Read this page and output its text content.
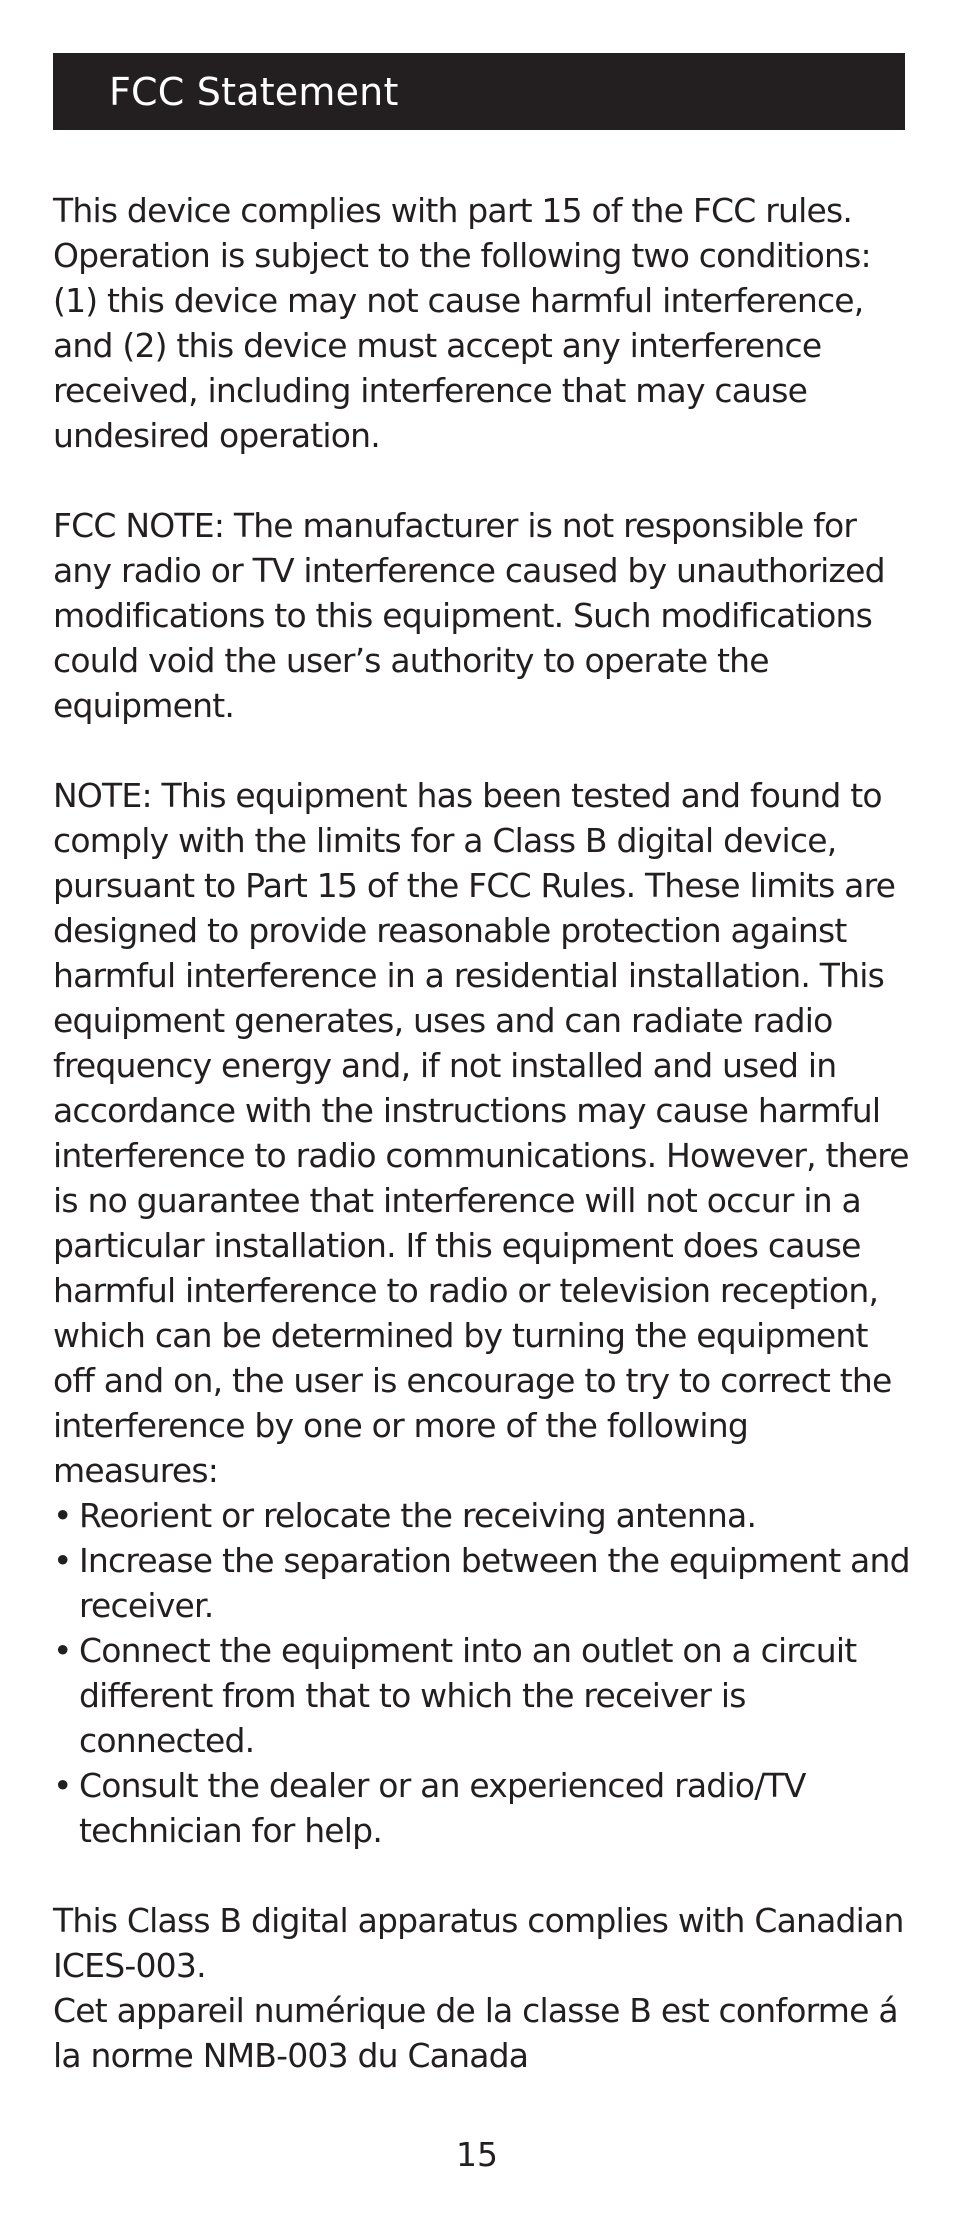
FCC Statement

This device complies with part 15 of the FCC rules. Operation is subject to the following two conditions: (1) this device may not cause harmful interference, and (2) this device must accept any interference received, including interference that may cause undesired operation.

FCC NOTE: The manufacturer is not responsible for any radio or TV interference caused by unauthorized modifications to this equipment. Such modifications could void the user’s authority to operate the equipment.

NOTE: This equipment has been tested and found to comply with the limits for a Class B digital device, pursuant to Part 15 of the FCC Rules. These limits are designed to provide reasonable protection against harmful interference in a residential installation. This equipment generates, uses and can radiate radio frequency energy and, if not installed and used in accordance with the instructions may cause harmful interference to radio communications. However, there is no guarantee that interference will not occur in a particular installation. If this equipment does cause harmful interference to radio or television reception, which can be determined by turning the equipment off and on, the user is encourage to try to correct the interference by one or more of the following measures:

• Reorient or relocate the receiving antenna.
• Increase the separation between the equipment and receiver.
• Connect the equipment into an outlet on a circuit different from that to which the receiver is connected.
• Consult the dealer or an experienced radio/TV technician for help.

This Class B digital apparatus complies with Canadian ICES-003.

Cet appareil numérique de la classe B est conforme á la norme NMB-003 du Canada

15
